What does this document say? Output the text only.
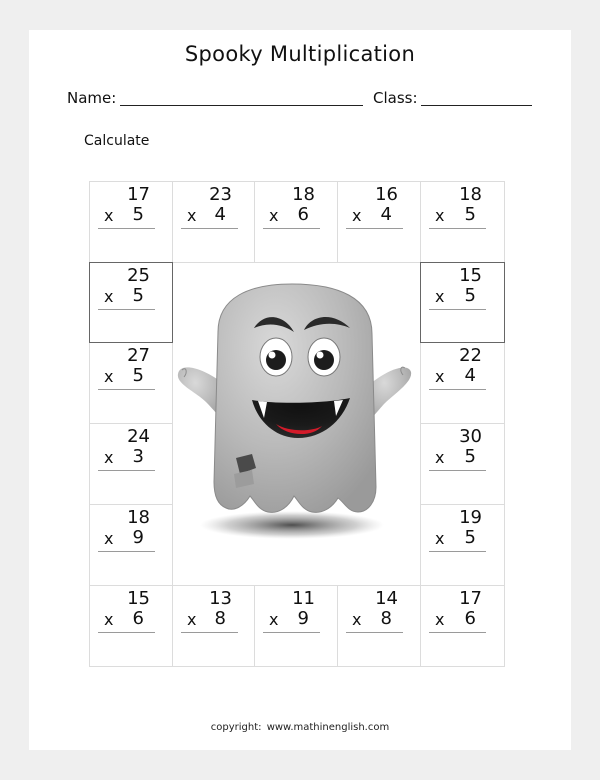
Spooky Multiplication
Name:	Class:
Calculate
17
x 5
23
x 4
18
x 6
16
x 4
18
x 5
25
x 5
15
x 5
27
x 5
22
x 4
24
x 3
30
x 5
18
x 9
19
x 5
15
x 6
13
x 8
11
x 9
14
x 8
17
x 6
copyright: www.mathinenglish.com
